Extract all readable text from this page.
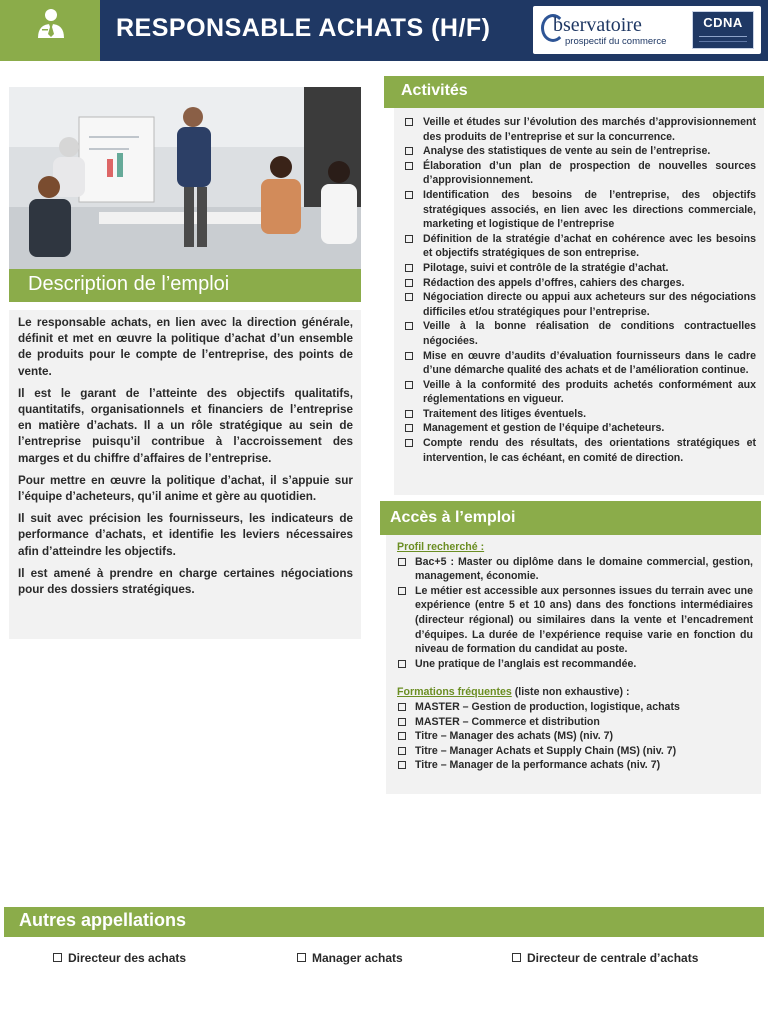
RESPONSABLE ACHATS (H/F)	bservatoire
prospectif du commerce
CDNA
Description de l’emploi

Le responsable achats, en lien avec la direction générale, définit et met en œuvre la politique d’achat d’un ensemble de produits pour le compte de l’entreprise, des points de vente.

Il est le garant de l’atteinte des objectifs qualitatifs, quantitatifs, organisationnels et financiers de l’entreprise en matière d’achats. Il a un rôle stratégique au sein de l’entreprise puisqu’il contribue à l’accroissement des marges et du chiffre d’affaires de l’entreprise.

Pour mettre en œuvre la politique d’achat, il s’appuie sur l’équipe d’acheteurs, qu’il anime et gère au quotidien.

Il suit avec précision les fournisseurs, les indicateurs de performance d’achats, et identifie les leviers nécessaires afin d’atteindre les objectifs.

Il est amené à prendre en charge certaines négociations pour des dossiers stratégiques.

Activités
Veille et études sur l’évolution des marchés d’approvisionnement des produits de l’entreprise et sur la concurrence.
Analyse des statistiques de vente au sein de l’entreprise.
Élaboration d’un plan de prospection de nouvelles sources d’approvisionnement.
Identification des besoins de l’entreprise, des objectifs stratégiques associés, en lien avec les directions commerciale, marketing et logistique de l’entreprise
Définition de la stratégie d’achat en cohérence avec les besoins et objectifs stratégiques de son entreprise.
Pilotage, suivi et contrôle de la stratégie d’achat.
Rédaction des appels d’offres, cahiers des charges.
Négociation directe ou appui aux acheteurs sur des négociations difficiles et/ou stratégiques pour l’entreprise.
Veille à la bonne réalisation de conditions contractuelles négociées.
Mise en œuvre d’audits d’évaluation fournisseurs dans le cadre d’une démarche qualité des achats et de l’amélioration continue.
Veille à la conformité des produits achetés conformément aux réglementations en vigueur.
Traitement des litiges éventuels.
Management et gestion de l’équipe d’acheteurs.
Compte rendu des résultats, des orientations stratégiques et intervention, le cas échéant, en comité de direction.
Accès à l’emploi
Profil recherché :
Bac+5 : Master ou diplôme dans le domaine commercial, gestion, management, économie.
Le métier est accessible aux personnes issues du terrain avec une expérience (entre 5 et 10 ans) dans des fonctions intermédiaires (directeur régional) ou similaires dans la vente et l’encadrement d’équipes. La durée de l’expérience requise varie en fonction du niveau de formation du candidat au poste.
Une pratique de l’anglais est recommandée.
Formations fréquentes (liste non exhaustive) :
MASTER – Gestion de production, logistique, achats
MASTER – Commerce et distribution
Titre – Manager des achats (MS) (niv. 7)
Titre – Manager Achats et Supply Chain (MS) (niv. 7)
Titre – Manager de la performance achats (niv. 7)
Autres appellations
Directeur des achats	Manager achats	Directeur de centrale d’achats
